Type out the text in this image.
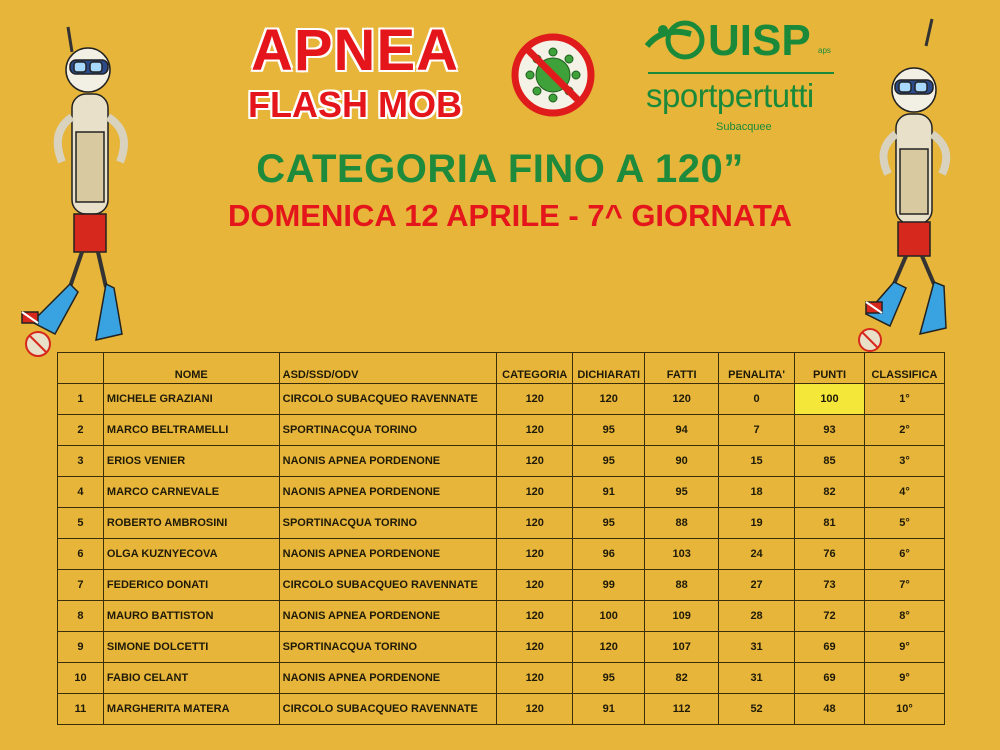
APNEA
FLASH MOB
UISP aps
sportpertutti
Subacquee
CATEGORIA FINO A 120”
DOMENICA 12 APRILE - 7^ GIORNATA
	NOME	ASD/SSD/ODV	CATEGORIA	DICHIARATI	FATTI	PENALITA'	PUNTI	CLASSIFICA
1	MICHELE GRAZIANI	CIRCOLO SUBACQUEO RAVENNATE	120	120	120	0	100	1°
2	MARCO BELTRAMELLI	SPORTINACQUA TORINO	120	95	94	7	93	2°
3	ERIOS VENIER	NAONIS APNEA PORDENONE	120	95	90	15	85	3°
4	MARCO CARNEVALE	NAONIS APNEA PORDENONE	120	91	95	18	82	4°
5	ROBERTO AMBROSINI	SPORTINACQUA TORINO	120	95	88	19	81	5°
6	OLGA KUZNYECOVA	NAONIS APNEA PORDENONE	120	96	103	24	76	6°
7	FEDERICO DONATI	CIRCOLO SUBACQUEO RAVENNATE	120	99	88	27	73	7°
8	MAURO BATTISTON	NAONIS APNEA PORDENONE	120	100	109	28	72	8°
9	SIMONE DOLCETTI	SPORTINACQUA TORINO	120	120	107	31	69	9°
10	FABIO CELANT	NAONIS APNEA PORDENONE	120	95	82	31	69	9°
11	MARGHERITA MATERA	CIRCOLO SUBACQUEO RAVENNATE	120	91	112	52	48	10°
